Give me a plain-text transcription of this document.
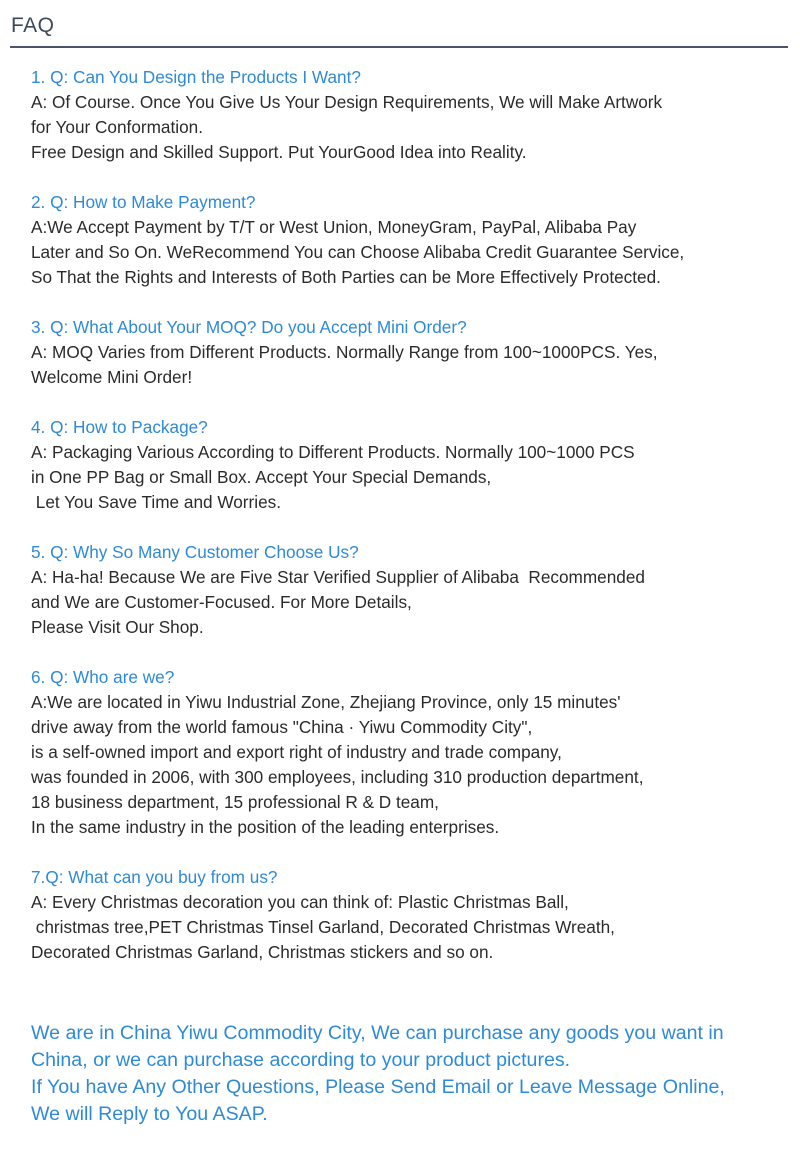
FAQ
1. Q: Can You Design the Products I Want?
A: Of Course. Once You Give Us Your Design Requirements, We will Make Artwork
for Your Conformation.
Free Design and Skilled Support. Put YourGood Idea into Reality.
2. Q: How to Make Payment?
A:We Accept Payment by T/T or West Union, MoneyGram, PayPal, Alibaba Pay
Later and So On. WeRecommend You can Choose Alibaba Credit Guarantee Service,
So That the Rights and Interests of Both Parties can be More Effectively Protected.
3. Q: What About Your MOQ? Do you Accept Mini Order?
A: MOQ Varies from Different Products. Normally Range from 100~1000PCS. Yes,
Welcome Mini Order!
4. Q: How to Package?
A: Packaging Various According to Different Products. Normally 100~1000 PCS
in One PP Bag or Small Box. Accept Your Special Demands,
Let You Save Time and Worries.
5. Q: Why So Many Customer Choose Us?
A: Ha-ha! Because We are Five Star Verified Supplier of Alibaba  Recommended
and We are Customer-Focused. For More Details,
Please Visit Our Shop.
6. Q: Who are we?
A:We are located in Yiwu Industrial Zone, Zhejiang Province, only 15 minutes'
drive away from the world famous "China · Yiwu Commodity City",
is a self-owned import and export right of industry and trade company,
was founded in 2006, with 300 employees, including 310 production department,
18 business department, 15 professional R & D team,
In the same industry in the position of the leading enterprises.
7.Q: What can you buy from us?
A: Every Christmas decoration you can think of: Plastic Christmas Ball,
christmas tree,PET Christmas Tinsel Garland, Decorated Christmas Wreath,
Decorated Christmas Garland, Christmas stickers and so on.
We are in China Yiwu Commodity City, We can purchase any goods you want in
China, or we can purchase according to your product pictures.
If You have Any Other Questions, Please Send Email or Leave Message Online,
We will Reply to You ASAP.
